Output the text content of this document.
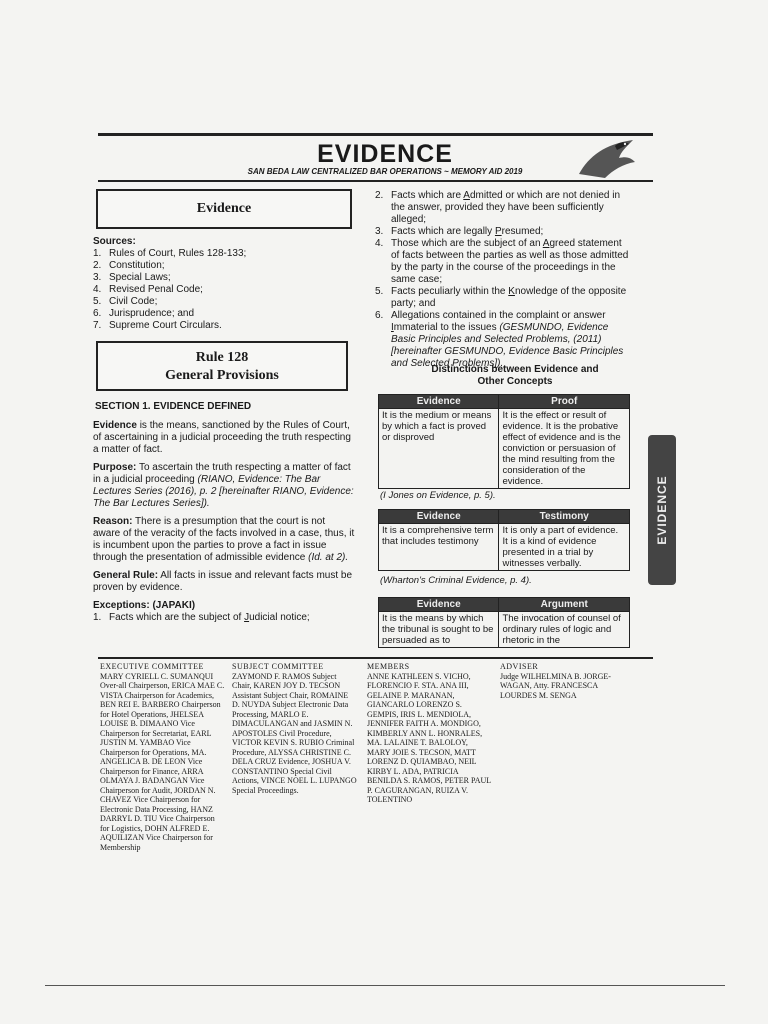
EVIDENCE
SAN BEDA LAW CENTRALIZED BAR OPERATIONS ~ MEMORY AID 2019
Evidence
Sources:
1. Rules of Court, Rules 128-133;
2. Constitution;
3. Special Laws;
4. Revised Penal Code;
5. Civil Code;
6. Jurisprudence; and
7. Supreme Court Circulars.
Rule 128
General Provisions
SECTION 1. EVIDENCE DEFINED
Evidence is the means, sanctioned by the Rules of Court, of ascertaining in a judicial proceeding the truth respecting a matter of fact.
Purpose: To ascertain the truth respecting a matter of fact in a judicial proceeding (RIANO, Evidence: The Bar Lectures Series (2016), p. 2 [hereinafter RIANO, Evidence: The Bar Lectures Series]).
Reason: There is a presumption that the court is not aware of the veracity of the facts involved in a case, thus, it is incumbent upon the parties to prove a fact in issue through the presentation of admissible evidence (Id. at 2).
General Rule: All facts in issue and relevant facts must be proven by evidence.
Exceptions: (JAPAKI)
1. Facts which are the subject of Judicial notice;
2. Facts which are Admitted or which are not denied in the answer, provided they have been sufficiently alleged;
3. Facts which are legally Presumed;
4. Those which are the subject of an Agreed statement of facts between the parties as well as those admitted by the party in the course of the proceedings in the same case;
5. Facts peculiarly within the Knowledge of the opposite party; and
6. Allegations contained in the complaint or answer Immaterial to the issues (GESMUNDO, Evidence Basic Principles and Selected Problems, (2011) [hereinafter GESMUNDO, Evidence Basic Principles and Selected Problems]).
Distinctions between Evidence and Other Concepts
Evidence	Proof
It is the medium or means by which a fact is proved or disproved	It is the effect or result of evidence. It is the probative effect of evidence and is the conviction or persuasion of the mind resulting from the consideration of the evidence.
(I Jones on Evidence, p. 5).
Evidence	Testimony
It is a comprehensive term that includes testimony	It is only a part of evidence. It is a kind of evidence presented in a trial by witnesses verbally.
(Wharton's Criminal Evidence, p. 4).
Evidence	Argument
It is the means by which the tribunal is sought to be persuaded as to	The invocation of counsel of ordinary rules of logic and rhetoric in the
EVIDENCE
EXECUTIVE COMMITTEE
MARY CYRIELL C. SUMANQUI Over-all Chairperson, ERICA MAE C. VISTA Chairperson for Academics, BEN REI E. BARBERO Chairperson for Hotel Operations, JHELSEA LOUISE B. DIMAANO Vice Chairperson for Secretariat, EARL JUSTIN M. YAMBAO Vice Chairperson for Operations, MA. ANGELICA B. DE LEON Vice Chairperson for Finance, ARRA OLMAYA J. BADANGAN Vice Chairperson for Audit, JORDAN N. CHAVEZ Vice Chairperson for Electronic Data Processing, HANZ DARRYL D. TIU Vice Chairperson for Logistics, DOHN ALFRED E. AQUILIZAN Vice Chairperson for Membership
SUBJECT COMMITTEE
ZAYMOND F. RAMOS Subject Chair, KAREN JOY D. TECSON Assistant Subject Chair, ROMAINE D. NUYDA Subject Electronic Data Processing, MARLO E. DIMACULANGAN and JASMIN N. APOSTOLES Civil Procedure, VICTOR KEVIN S. RUBIO Criminal Procedure, ALYSSA CHRISTINE C. DELA CRUZ Evidence, JOSHUA V. CONSTANTINO Special Civil Actions, VINCE NOEL L. LUPANGO Special Proceedings.
MEMBERS
ANNE KATHLEEN S. VICHO, FLORENCIO F. STA. ANA III, GELAINE P. MARANAN, GIANCARLO LORENZO S. GEMPIS, IRIS L. MENDIOLA, JENNIFER FAITH A. MONDIGO, KIMBERLY ANN L. HONRALES, MA. LALAINE T. BALOLOY, MARY JOIE S. TECSON, MATT LORENZ D. QUIAMBAO, NEIL KIRBY L. ADA, PATRICIA BENILDA S. RAMOS, PETER PAUL P. CAGURANGAN, RUIZA V. TOLENTINO
ADVISER
Judge WILHELMINA B. JORGE-WAGAN, Atty. FRANCESCA LOURDES M. SENGA
